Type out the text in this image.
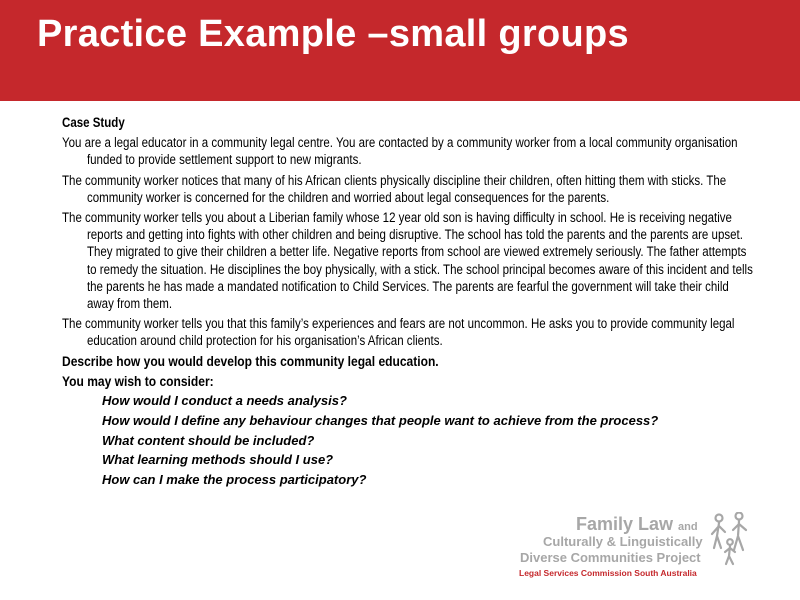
Practice Example –small groups

Case Study

You are a legal educator in a community legal centre. You are contacted by a community worker from a local community organisation funded to provide settlement support to new migrants.

The community worker notices that many of his African clients physically discipline their children, often hitting them with sticks. The community worker is concerned for the children and worried about legal consequences for the parents.

The community worker tells you about a Liberian family whose 12 year old son is having difficulty in school. He is receiving negative reports and getting into fights with other children and being disruptive. The school has told the parents and the parents are upset. They migrated to give their children a better life. Negative reports from school are viewed extremely seriously. The father attempts to remedy the situation. He disciplines the boy physically, with a stick. The school principal becomes aware of this incident and tells the parents he has made a mandated notification to Child Services. The parents are fearful the government will take their child away from them.

The community worker tells you that this family’s experiences and fears are not uncommon. He asks you to provide community legal education around child protection for his organisation’s African clients.

Describe how you would develop this community legal education.

You may wish to consider:

How would I conduct a needs analysis?
How would I define any behaviour changes that people want to achieve from the process?
What content should be included?
What learning methods should I use?
How can I make the process participatory?
Family Law and
Culturally & Linguistically
Diverse Communities Project
Legal Services Commission South Australia
